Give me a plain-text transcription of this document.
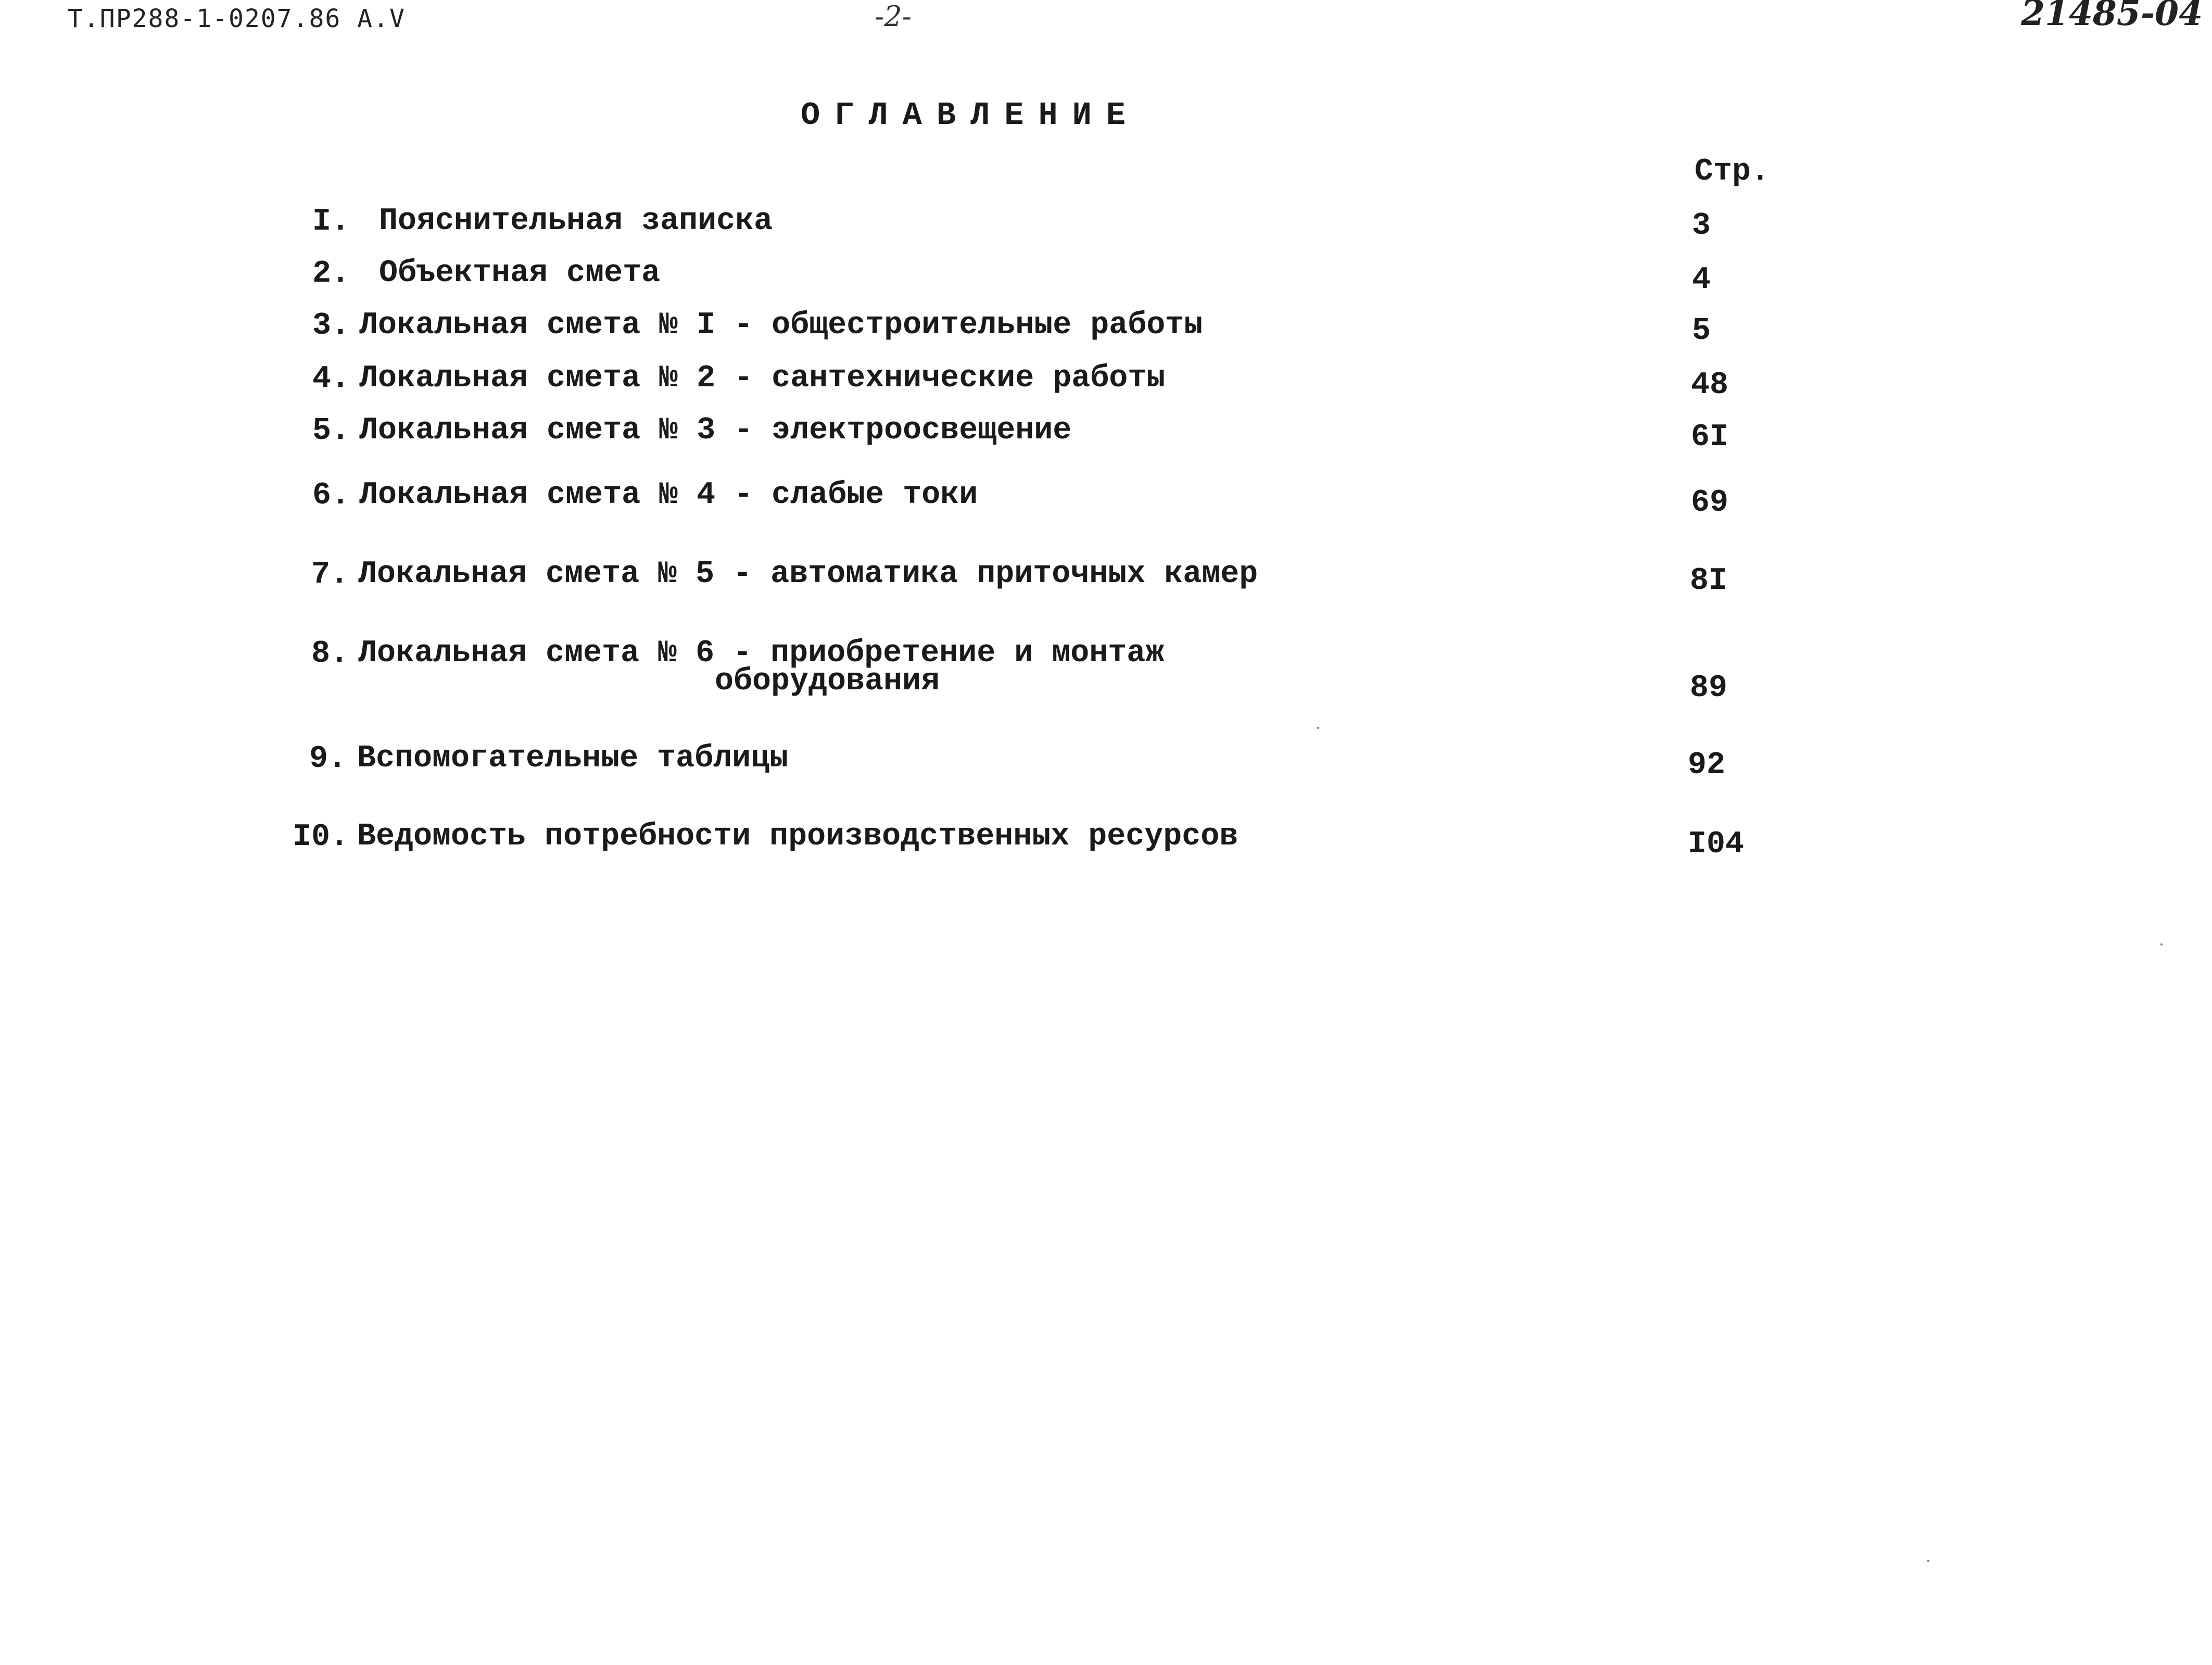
Т.ПР288-1-0207.86 А.V	-2-	21485-04
ОГЛАВЛЕНИЕ
Стр.
I. Пояснительная записка	3
2. Объектная смета	4
3. Локальная смета № I - общестроительные работы	5
4. Локальная смета № 2 - сантехнические работы	48
5. Локальная смета № 3 - электроосвещение	6I
6. Локальная смета № 4 - слабые токи	69
7. Локальная смета № 5 - автоматика приточных камер	8I
8. Локальная смета № 6 - приобретение и монтаж
оборудования	89
9. Вспомогательные таблицы	92
I0. Ведомость потребности производственных ресурсов	I04
